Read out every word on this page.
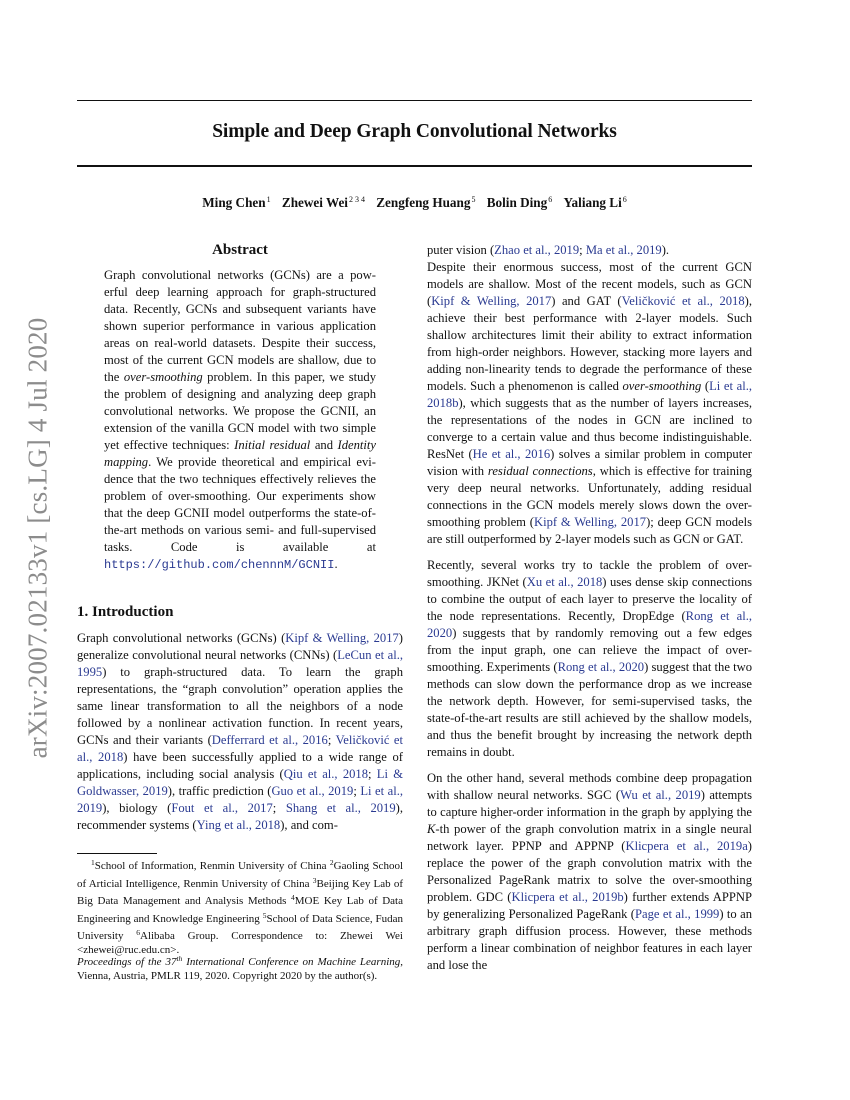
arXiv:2007.02133v1 [cs.LG] 4 Jul 2020
Simple and Deep Graph Convolutional Networks
Ming Chen$^1$ Zhewei Wei$^{2 3 4}$ Zengfeng Huang$^5$ Bolin Ding$^6$ Yaliang Li$^6$
Abstract

Graph convolutional networks (GCNs) are a powerful deep learning approach for graph-structured data. Recently, GCNs and subsequent variants have shown superior performance in various application areas on real-world datasets. Despite their success, most of the current GCN models are shallow, due to the over-smoothing problem. In this paper, we study the problem of designing and analyzing deep graph convolutional networks. We propose the GCNII, an extension of the vanilla GCN model with two simple yet effective techniques: Initial residual and Identity mapping. We provide theoretical and empirical evidence that the two techniques effectively relieves the problem of over-smoothing. Our experiments show that the deep GCNII model outperforms the state-of-the-art methods on various semi- and full-supervised tasks. Code is available at https://github.com/chennnM/GCNII.

1. Introduction

Graph convolutional networks (GCNs) (Kipf & Welling, 2017) generalize convolutional neural networks (CNNs) (LeCun et al., 1995) to graph-structured data. To learn the graph representations, the “graph convolution” operation applies the same linear transformation to all the neighbors of a node followed by a nonlinear activation function. In recent years, GCNs and their variants (Defferrard et al., 2016; Veličković et al., 2018) have been successfully applied to a wide range of applications, including social analysis (Qiu et al., 2018; Li & Goldwasser, 2019), traffic prediction (Guo et al., 2019; Li et al., 2019), biology (Fout et al., 2017; Shang et al., 2019), recommender systems (Ying et al., 2018), and com-

$^1$School of Information, Renmin University of China $^2$Gaoling School of Articial Intelligence, Renmin University of China $^3$Beijing Key Lab of Big Data Management and Analysis Methods $^4$MOE Key Lab of Data Engineering and Knowledge Engineering $^5$School of Data Science, Fudan University $^6$Alibaba Group. Correspondence to: Zhewei Wei <zhewei@ruc.edu.cn>.
Proceedings of the 37th International Conference on Machine Learning, Vienna, Austria, PMLR 119, 2020. Copyright 2020 by the author(s).

puter vision (Zhao et al., 2019; Ma et al., 2019).

Despite their enormous success, most of the current GCN models are shallow. Most of the recent models, such as GCN (Kipf & Welling, 2017) and GAT (Veličković et al., 2018), achieve their best performance with 2-layer models. Such shallow architectures limit their ability to extract information from high-order neighbors. However, stacking more layers and adding non-linearity tends to degrade the performance of these models. Such a phenomenon is called over-smoothing (Li et al., 2018b), which suggests that as the number of layers increases, the representations of the nodes in GCN are inclined to converge to a certain value and thus become indistinguishable. ResNet (He et al., 2016) solves a similar problem in computer vision with residual connections, which is effective for training very deep neural networks. Unfortunately, adding residual connections in the GCN models merely slows down the over-smoothing problem (Kipf & Welling, 2017); deep GCN models are still outperformed by 2-layer models such as GCN or GAT.

Recently, several works try to tackle the problem of over-smoothing. JKNet (Xu et al., 2018) uses dense skip connections to combine the output of each layer to preserve the locality of the node representations. Recently, DropEdge (Rong et al., 2020) suggests that by randomly removing out a few edges from the input graph, one can relieve the impact of over-smoothing. Experiments (Rong et al., 2020) suggest that the two methods can slow down the performance drop as we increase the network depth. However, for semi-supervised tasks, the state-of-the-art results are still achieved by the shallow models, and thus the benefit brought by increasing the network depth remains in doubt.

On the other hand, several methods combine deep propagation with shallow neural networks. SGC (Wu et al., 2019) attempts to capture higher-order information in the graph by applying the K-th power of the graph convolution matrix in a single neural network layer. PPNP and APPNP (Klicpera et al., 2019a) replace the power of the graph convolution matrix with the Personalized PageRank matrix to solve the over-smoothing problem. GDC (Klicpera et al., 2019b) further extends APPNP by generalizing Personalized PageRank (Page et al., 1999) to an arbitrary graph diffusion process. However, these methods perform a linear combination of neighbor features in each layer and lose the
